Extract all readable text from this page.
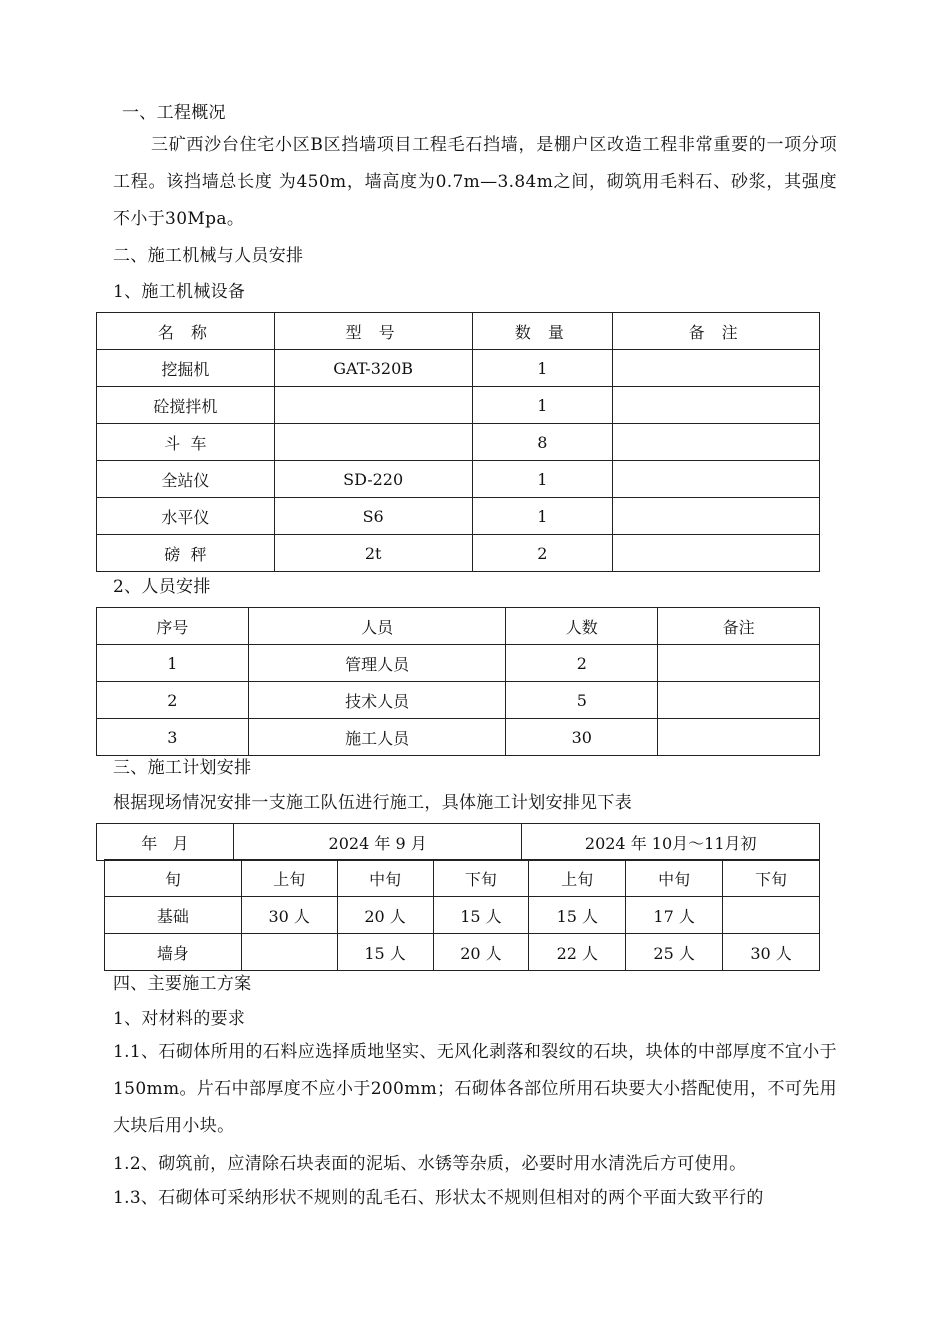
一、工程概况
三矿西沙台住宅小区B区挡墙项目工程毛石挡墙，是棚户区改造工程非常重要的一项分项工程。该挡墙总长度 为450m，墙高度为0.7m—3.84m之间，砌筑用毛料石、砂浆，其强度不小于30Mpa。
二、施工机械与人员安排
1、施工机械设备
名 称	型 号	数 量	备 注
挖掘机	GAT-320B	1	
砼搅拌机		1	
斗  车		8	
全站仪	SD-220	1	
水平仪	S6	1	
磅  秤	2t	2	
2、人员安排
序号	人员	人数	备注
1	管理人员	2	
2	技术人员	5	
3	施工人员	30	
三、施工计划安排
根据现场情况安排一支施工队伍进行施工，具体施工计划安排见下表
年   月	2024 年 9 月	2024 年 10月～11月初
旬	上旬	中旬	下旬	上旬	中旬	下旬
基础	30 人	20 人	15 人	15 人	17 人	
墙身		15 人	20 人	22 人	25 人	30 人
四、主要施工方案
1、对材料的要求
1.1、石砌体所用的石料应选择质地坚实、无风化剥落和裂纹的石块，块体的中部厚度不宜小于150mm。片石中部厚度不应小于200mm；石砌体各部位所用石块要大小搭配使用，不可先用大块后用小块。
1.2、砌筑前，应清除石块表面的泥垢、水锈等杂质，必要时用水清洗后方可使用。
1.3、石砌体可采纳形状不规则的乱毛石、形状太不规则但相对的两个平面大致平行的
